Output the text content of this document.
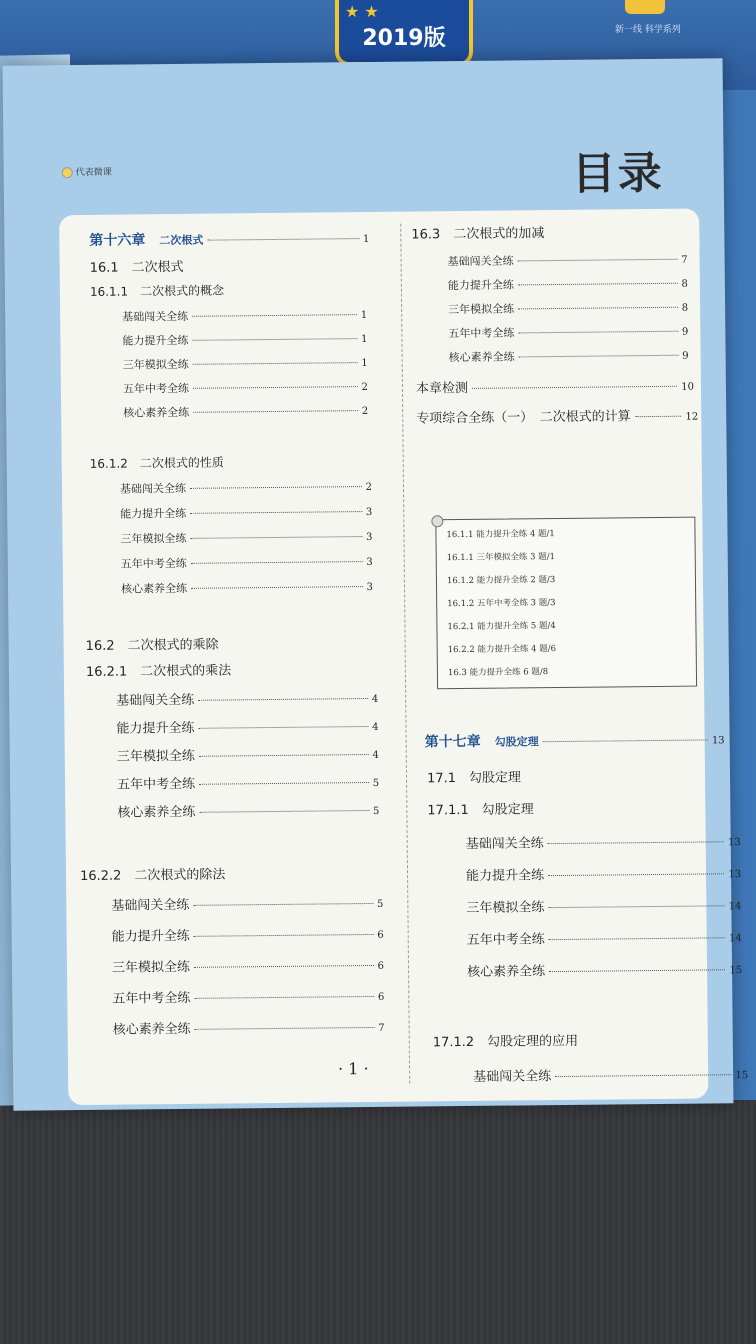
2019版
★ ★
新一线 科学系列
代表微课	目录
第十六章 二次根式	1
16.1　二次根式
16.1.1　二次根式的概念
基础闯关全练	1
能力提升全练	1
三年模拟全练	1
五年中考全练	2
核心素养全练	2
16.1.2　二次根式的性质
基础闯关全练	2
能力提升全练	3
三年模拟全练	3
五年中考全练	3
核心素养全练	3
16.2　二次根式的乘除
16.2.1　二次根式的乘法
基础闯关全练	4
能力提升全练	4
三年模拟全练	4
五年中考全练	5
核心素养全练	5
16.2.2　二次根式的除法
基础闯关全练	5
能力提升全练	6
三年模拟全练	6
五年中考全练	6
核心素养全练	7
16.3　二次根式的加减
基础闯关全练	7
能力提升全练	8
三年模拟全练	8
五年中考全练	9
核心素养全练	9
本章检测	10
专项综合全练（一）　二次根式的计算	12
16.1.1 能力提升全练 4 题/1
16.1.1 三年模拟全练 3 题/1
16.1.2 能力提升全练 2 题/3
16.1.2 五年中考全练 3 题/3
16.2.1 能力提升全练 5 题/4
16.2.2 能力提升全练 4 题/6
16.3 能力提升全练 6 题/8
第十七章 勾股定理	13
17.1　勾股定理
17.1.1　勾股定理
基础闯关全练	13
能力提升全练	13
三年模拟全练	14
五年中考全练	14
核心素养全练	15
17.1.2　勾股定理的应用
基础闯关全练	15
· 1 ·
